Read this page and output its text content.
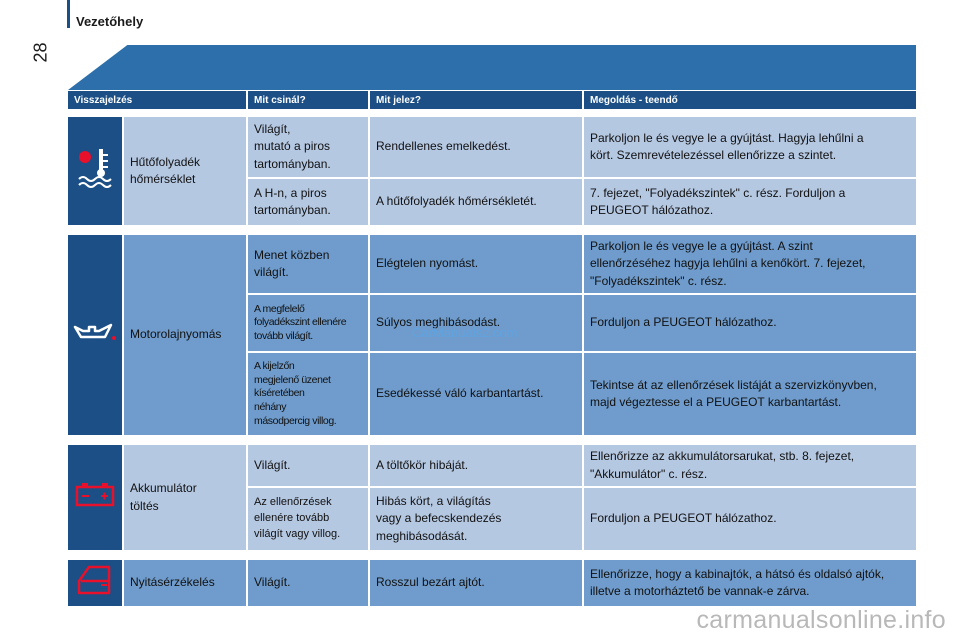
Vezetőhely
28
Visszajelzés		Mit csinál?	Mit jelez?	Megoldás - teendő

	Hűtőfolyadék
hőmérséklet	Világít,
mutató a piros
tartományban.	Rendellenes emelkedést.	Parkoljon le és vegye le a gyújtást. Hagyja lehűlni a
kört. Szemrevételezéssel ellenőrizze a szintet.
		A H-n, a piros
tartományban.	A hűtőfolyadék hőmérsékletét.	7. fejezet, "Folyadékszintek" c. rész. Forduljon a
PEUGEOT hálózathoz.

	Motorolajnyomás	Menet közben
világít.	Elégtelen nyomást.	Parkoljon le és vegye le a gyújtást. A szint
ellenőrzéséhez hagyja lehűlni a kenőkört. 7. fejezet,
"Folyadékszintek" c. rész.
		A megfelelő
folyadékszint ellenére
tovább világít.	Súlyos meghibásodást.	Forduljon a PEUGEOT hálózathoz.
		A kijelzőn
megjelenő üzenet
kíséretében
néhány
másodpercig villog.	Esedékessé váló karbantartást.	Tekintse át az ellenőrzések listáját a szervizkönyvben,
majd végeztesse el a PEUGEOT karbantartást.

	Akkumulátor
töltés	Világít.	A töltőkör hibáját.	Ellenőrizze az akkumulátorsarukat, stb. 8. fejezet,
"Akkumulátor" c. rész.
		Az ellenőrzések
ellenére tovább
világít vagy villog.	Hibás kört, a világítás
vagy a befecskendezés
meghibásodását.	Forduljon a PEUGEOT hálózathoz.

	Nyitásérzékelés	Világít.	Rosszul bezárt ajtót.	Ellenőrizze, hogy a kabinajtók, a hátsó és oldalsó ajtók,
illetve a motorháztető be vannak-e zárva.
CarManuals2.com
carmanualsonline.info
